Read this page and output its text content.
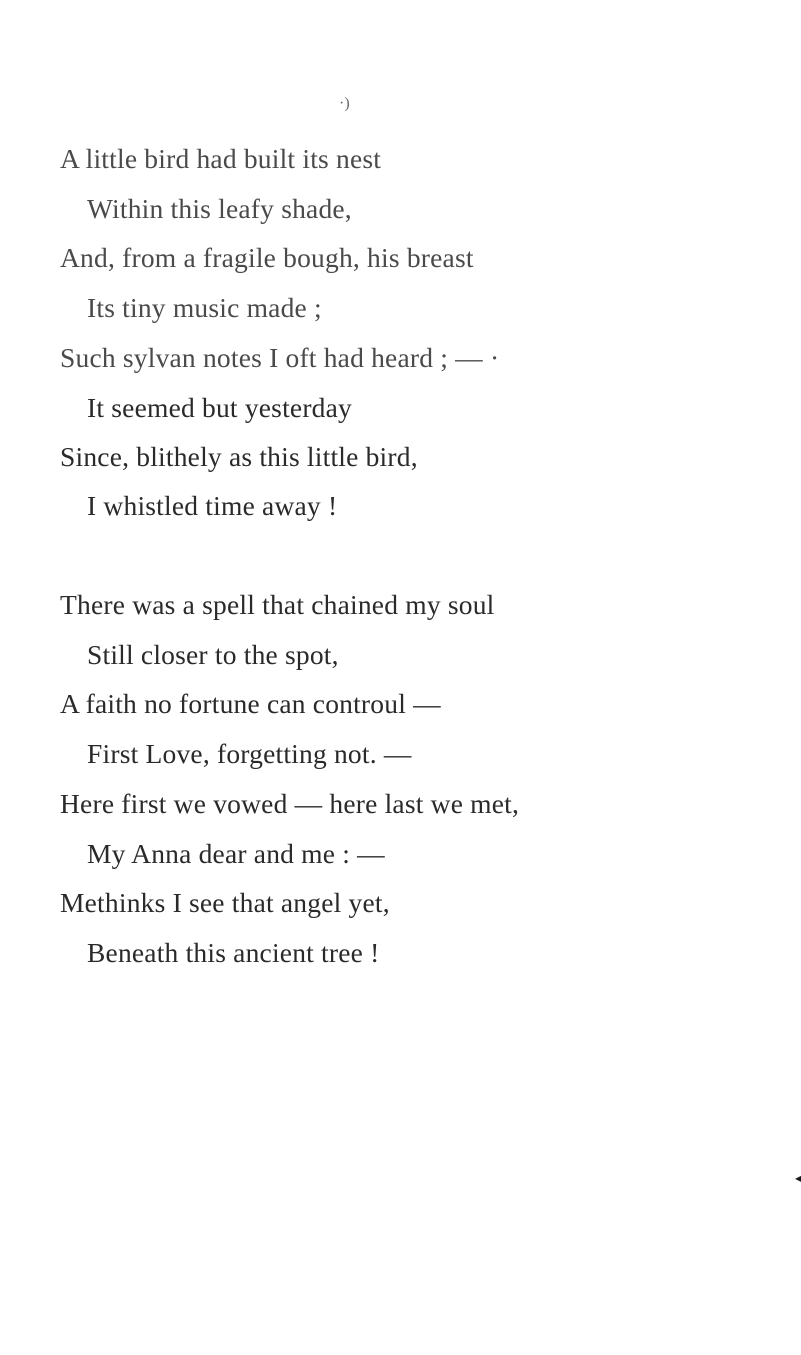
·)
A little bird had built its nest
Within this leafy shade,
And, from a fragile bough, his breast
Its tiny music made ;
Such sylvan notes I oft had heard ; — ·
It seemed but yesterday
Since, blithely as this little bird,
I whistled time away !
There was a spell that chained my soul
Still closer to the spot,
A faith no fortune can controul —
First Love, forgetting not. —
Here first we vowed — here last we met,
My Anna dear and me : —
Methinks I see that angel yet,
Beneath this ancient tree !
◂
